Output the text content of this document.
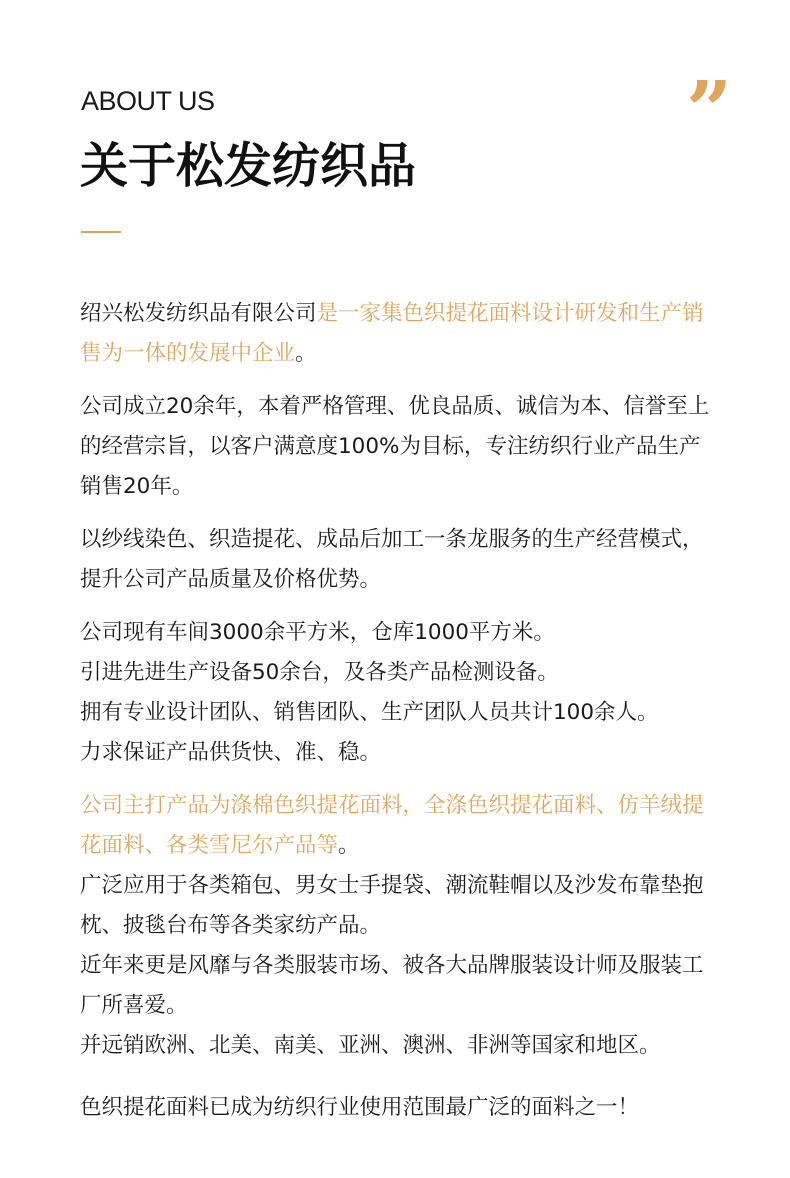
ABOUT US	”
关于松发纺织品

绍兴松发纺织品有限公司是一家集色织提花面料设计研发和生产销售为一体的发展中企业。

公司成立20余年，本着严格管理、优良品质、诚信为本、信誉至上的经营宗旨，以客户满意度100%为目标，专注纺织行业产品生产销售20年。

以纱线染色、织造提花、成品后加工一条龙服务的生产经营模式，提升公司产品质量及价格优势。

公司现有车间3000余平方米，仓库1000平方米。

引进先进生产设备50余台，及各类产品检测设备。

拥有专业设计团队、销售团队、生产团队人员共计100余人。

力求保证产品供货快、准、稳。

公司主打产品为涤棉色织提花面料，全涤色织提花面料、仿羊绒提花面料、各类雪尼尔产品等。

广泛应用于各类箱包、男女士手提袋、潮流鞋帽以及沙发布靠垫抱枕、披毯台布等各类家纺产品。

近年来更是风靡与各类服装市场、被各大品牌服装设计师及服装工厂所喜爱。

并远销欧洲、北美、南美、亚洲、澳洲、非洲等国家和地区。

色织提花面料已成为纺织行业使用范围最广泛的面料之一！
